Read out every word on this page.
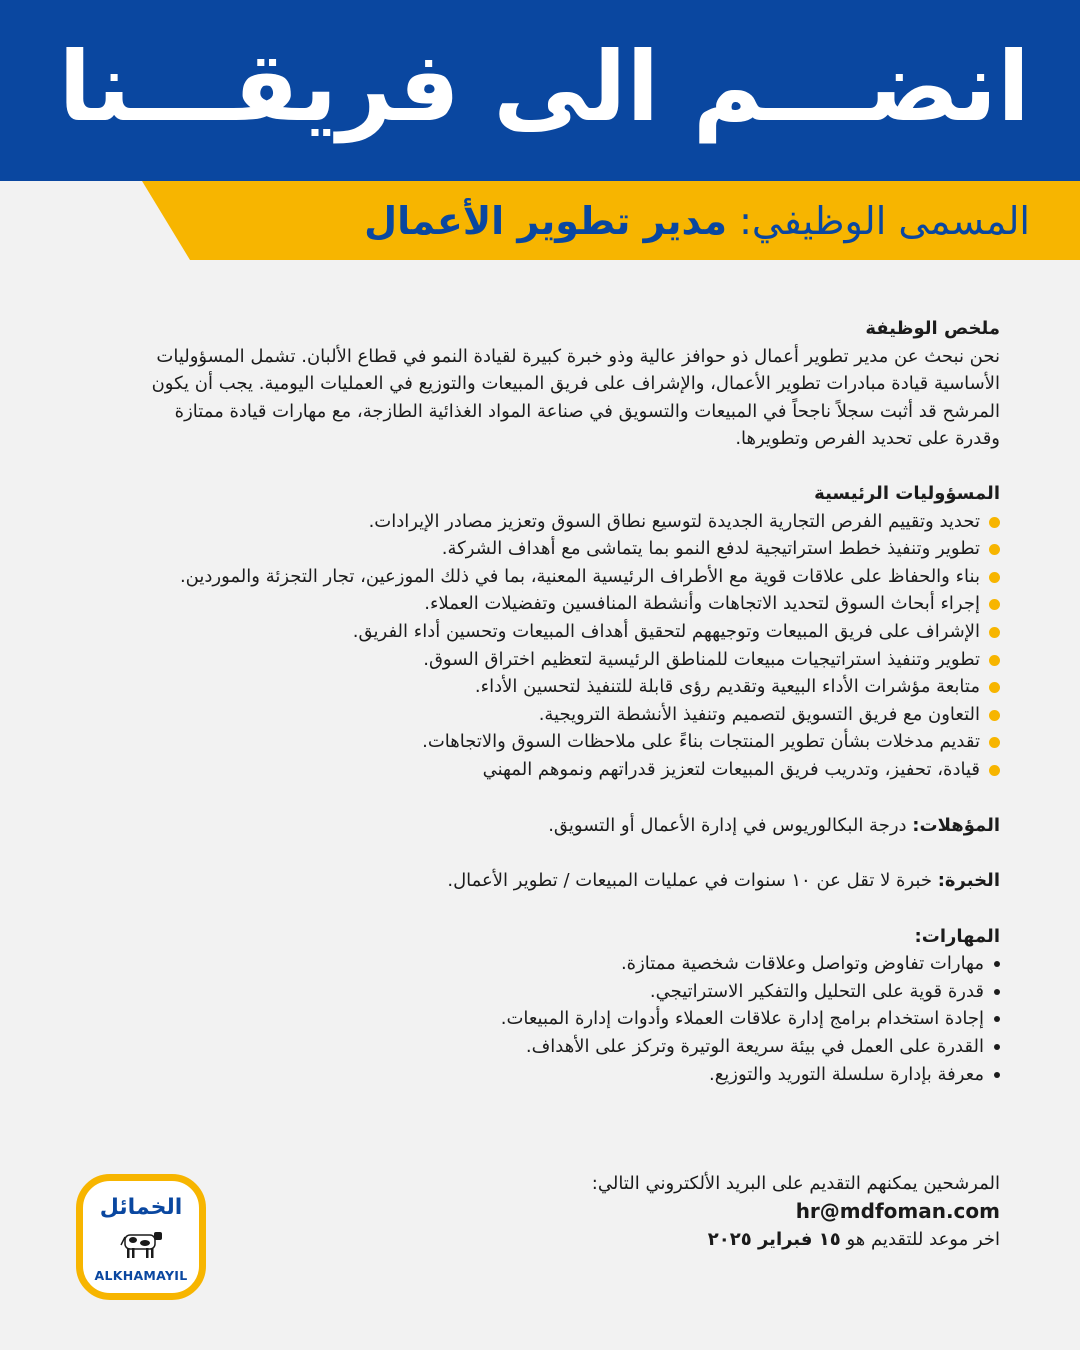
انضـــم الى فريقـــنا
المسمى الوظيفي: مدير تطوير الأعمال
ملخص الوظيفة
نحن نبحث عن مدير تطوير أعمال ذو حوافز عالية وذو خبرة كبيرة لقيادة النمو في قطاع الألبان. تشمل المسؤوليات الأساسية قيادة مبادرات تطوير الأعمال، والإشراف على فريق المبيعات والتوزيع في العمليات اليومية. يجب أن يكون المرشح قد أثبت سجلاً ناجحاً في المبيعات والتسويق في صناعة المواد الغذائية الطازجة، مع مهارات قيادة ممتازة وقدرة على تحديد الفرص وتطويرها.
المسؤوليات الرئيسية
تحديد وتقييم الفرص التجارية الجديدة لتوسيع نطاق السوق وتعزيز مصادر الإيرادات.
تطوير وتنفيذ خطط استراتيجية لدفع النمو بما يتماشى مع أهداف الشركة.
بناء والحفاظ على علاقات قوية مع الأطراف الرئيسية المعنية، بما في ذلك الموزعين، تجار التجزئة والموردين.
إجراء أبحاث السوق لتحديد الاتجاهات وأنشطة المنافسين وتفضيلات العملاء.
الإشراف على فريق المبيعات وتوجيههم لتحقيق أهداف المبيعات وتحسين أداء الفريق.
تطوير وتنفيذ استراتيجيات مبيعات للمناطق الرئيسية لتعظيم اختراق السوق.
متابعة مؤشرات الأداء البيعية وتقديم رؤى قابلة للتنفيذ لتحسين الأداء.
التعاون مع فريق التسويق لتصميم وتنفيذ الأنشطة الترويجية.
تقديم مدخلات بشأن تطوير المنتجات بناءً على ملاحظات السوق والاتجاهات.
قيادة، تحفيز، وتدريب فريق المبيعات لتعزيز قدراتهم ونموهم المهني
المؤهلات: درجة البكالوريوس في إدارة الأعمال أو التسويق.
الخبرة: خبرة لا تقل عن ١٠ سنوات في عمليات المبيعات / تطوير الأعمال.
المهارات:
مهارات تفاوض وتواصل وعلاقات شخصية ممتازة.
قدرة قوية على التحليل والتفكير الاستراتيجي.
إجادة استخدام برامج إدارة علاقات العملاء وأدوات إدارة المبيعات.
القدرة على العمل في بيئة سريعة الوتيرة وتركز على الأهداف.
معرفة بإدارة سلسلة التوريد والتوزيع.
المرشحين يمكنهم التقديم على البريد الألكتروني التالي:
hr@mdfoman.com
اخر موعد للتقديم هو ١٥ فبراير ٢٠٢٥
الخمائل
ALKHAMAYIL
